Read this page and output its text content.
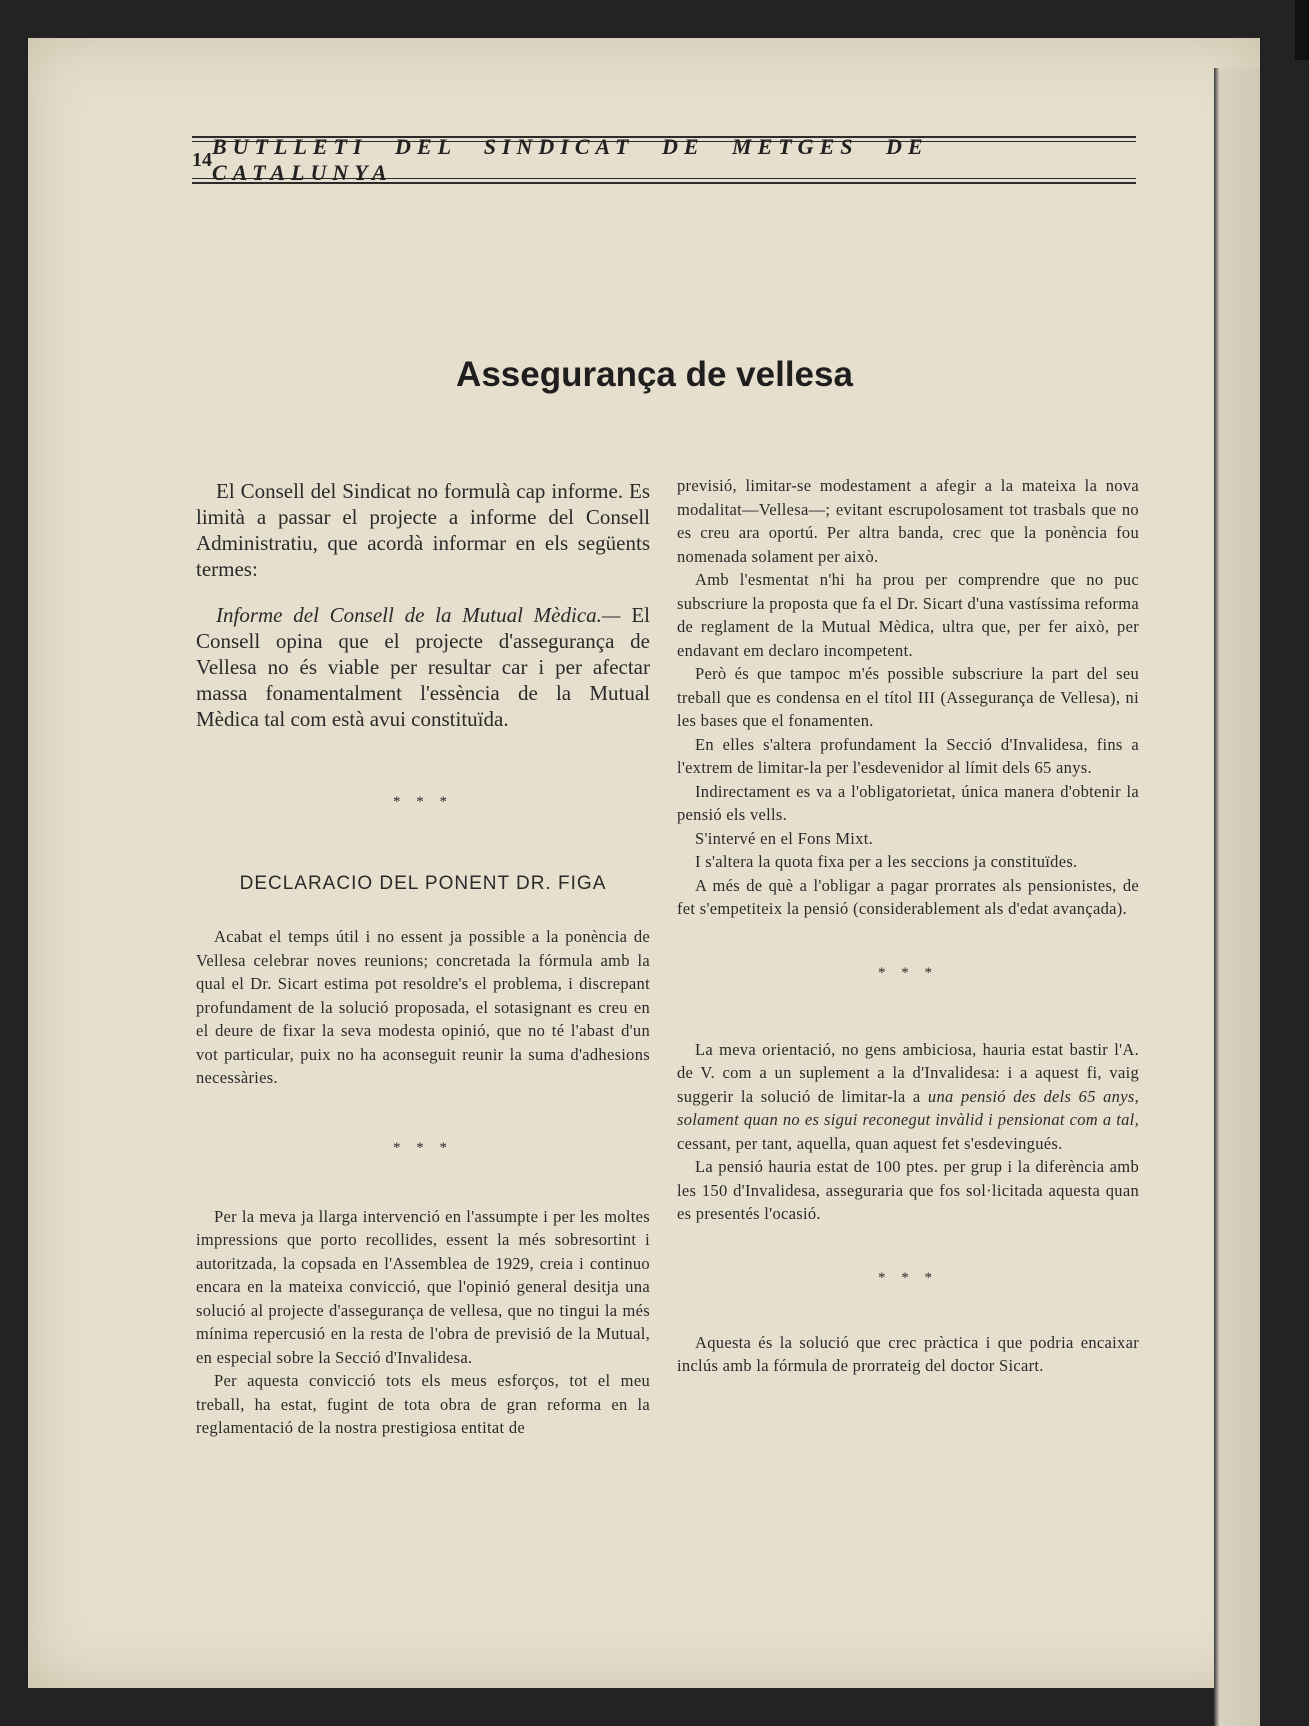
14
BUTLLETI DEL SINDICAT DE METGES DE CATALUNYA
Assegurança de vellesa

El Consell del Sindicat no formulà cap informe. Es limità a passar el projecte a informe del Consell Administratiu, que acordà informar en els següents termes:

Informe del Consell de la Mutual Mèdica.— El Consell opina que el projecte d'assegurança de Vellesa no és viable per resultar car i per afectar massa fonamentalment l'essència de la Mutual Mèdica tal com està avui constituïda.

* * *
DECLARACIO DEL PONENT DR. FIGA

Acabat el temps útil i no essent ja possible a la ponència de Vellesa celebrar noves reunions; concretada la fórmula amb la qual el Dr. Sicart estima pot resoldre's el problema, i discrepant profundament de la solució proposada, el sotasignant es creu en el deure de fixar la seva modesta opinió, que no té l'abast d'un vot particular, puix no ha aconseguit reunir la suma d'adhesions necessàries.

* * *

Per la meva ja llarga intervenció en l'assumpte i per les moltes impressions que porto recollides, essent la més sobresortint i autoritzada, la copsada en l'Assemblea de 1929, creia i continuo encara en la mateixa convicció, que l'opinió general desitja una solució al projecte d'assegurança de vellesa, que no tingui la més mínima repercusió en la resta de l'obra de previsió de la Mutual, en especial sobre la Secció d'Invalidesa.

Per aquesta convicció tots els meus esforços, tot el meu treball, ha estat, fugint de tota obra de gran reforma en la reglamentació de la nostra prestigiosa entitat de

previsió, limitar-se modestament a afegir a la mateixa la nova modalitat—Vellesa—; evitant escrupolosament tot trasbals que no es creu ara oportú. Per altra banda, crec que la ponència fou nomenada solament per això.

Amb l'esmentat n'hi ha prou per comprendre que no puc subscriure la proposta que fa el Dr. Sicart d'una vastíssima reforma de reglament de la Mutual Mèdica, ultra que, per fer això, per endavant em declaro incompetent.

Però és que tampoc m'és possible subscriure la part del seu treball que es condensa en el títol III (Assegurança de Vellesa), ni les bases que el fonamenten.

En elles s'altera profundament la Secció d'Invalidesa, fins a l'extrem de limitar-la per l'esdevenidor al límit dels 65 anys.

Indirectament es va a l'obligatorietat, única manera d'obtenir la pensió els vells.

S'intervé en el Fons Mixt.

I s'altera la quota fixa per a les seccions ja constituïdes.

A més de què a l'obligar a pagar prorrates als pensionistes, de fet s'empetiteix la pensió (considerablement als d'edat avançada).

* * *

La meva orientació, no gens ambiciosa, hauria estat bastir l'A. de V. com a un suplement a la d'Invalidesa: i a aquest fi, vaig suggerir la solució de limitar-la a una pensió des dels 65 anys, solament quan no es sigui reconegut invàlid i pensionat com a tal, cessant, per tant, aquella, quan aquest fet s'esdevingués.

La pensió hauria estat de 100 ptes. per grup i la diferència amb les 150 d'Invalidesa, asseguraria que fos sol·licitada aquesta quan es presentés l'ocasió.

* * *

Aquesta és la solució que crec pràctica i que podria encaixar inclús amb la fórmula de prorrateig del doctor Sicart.
